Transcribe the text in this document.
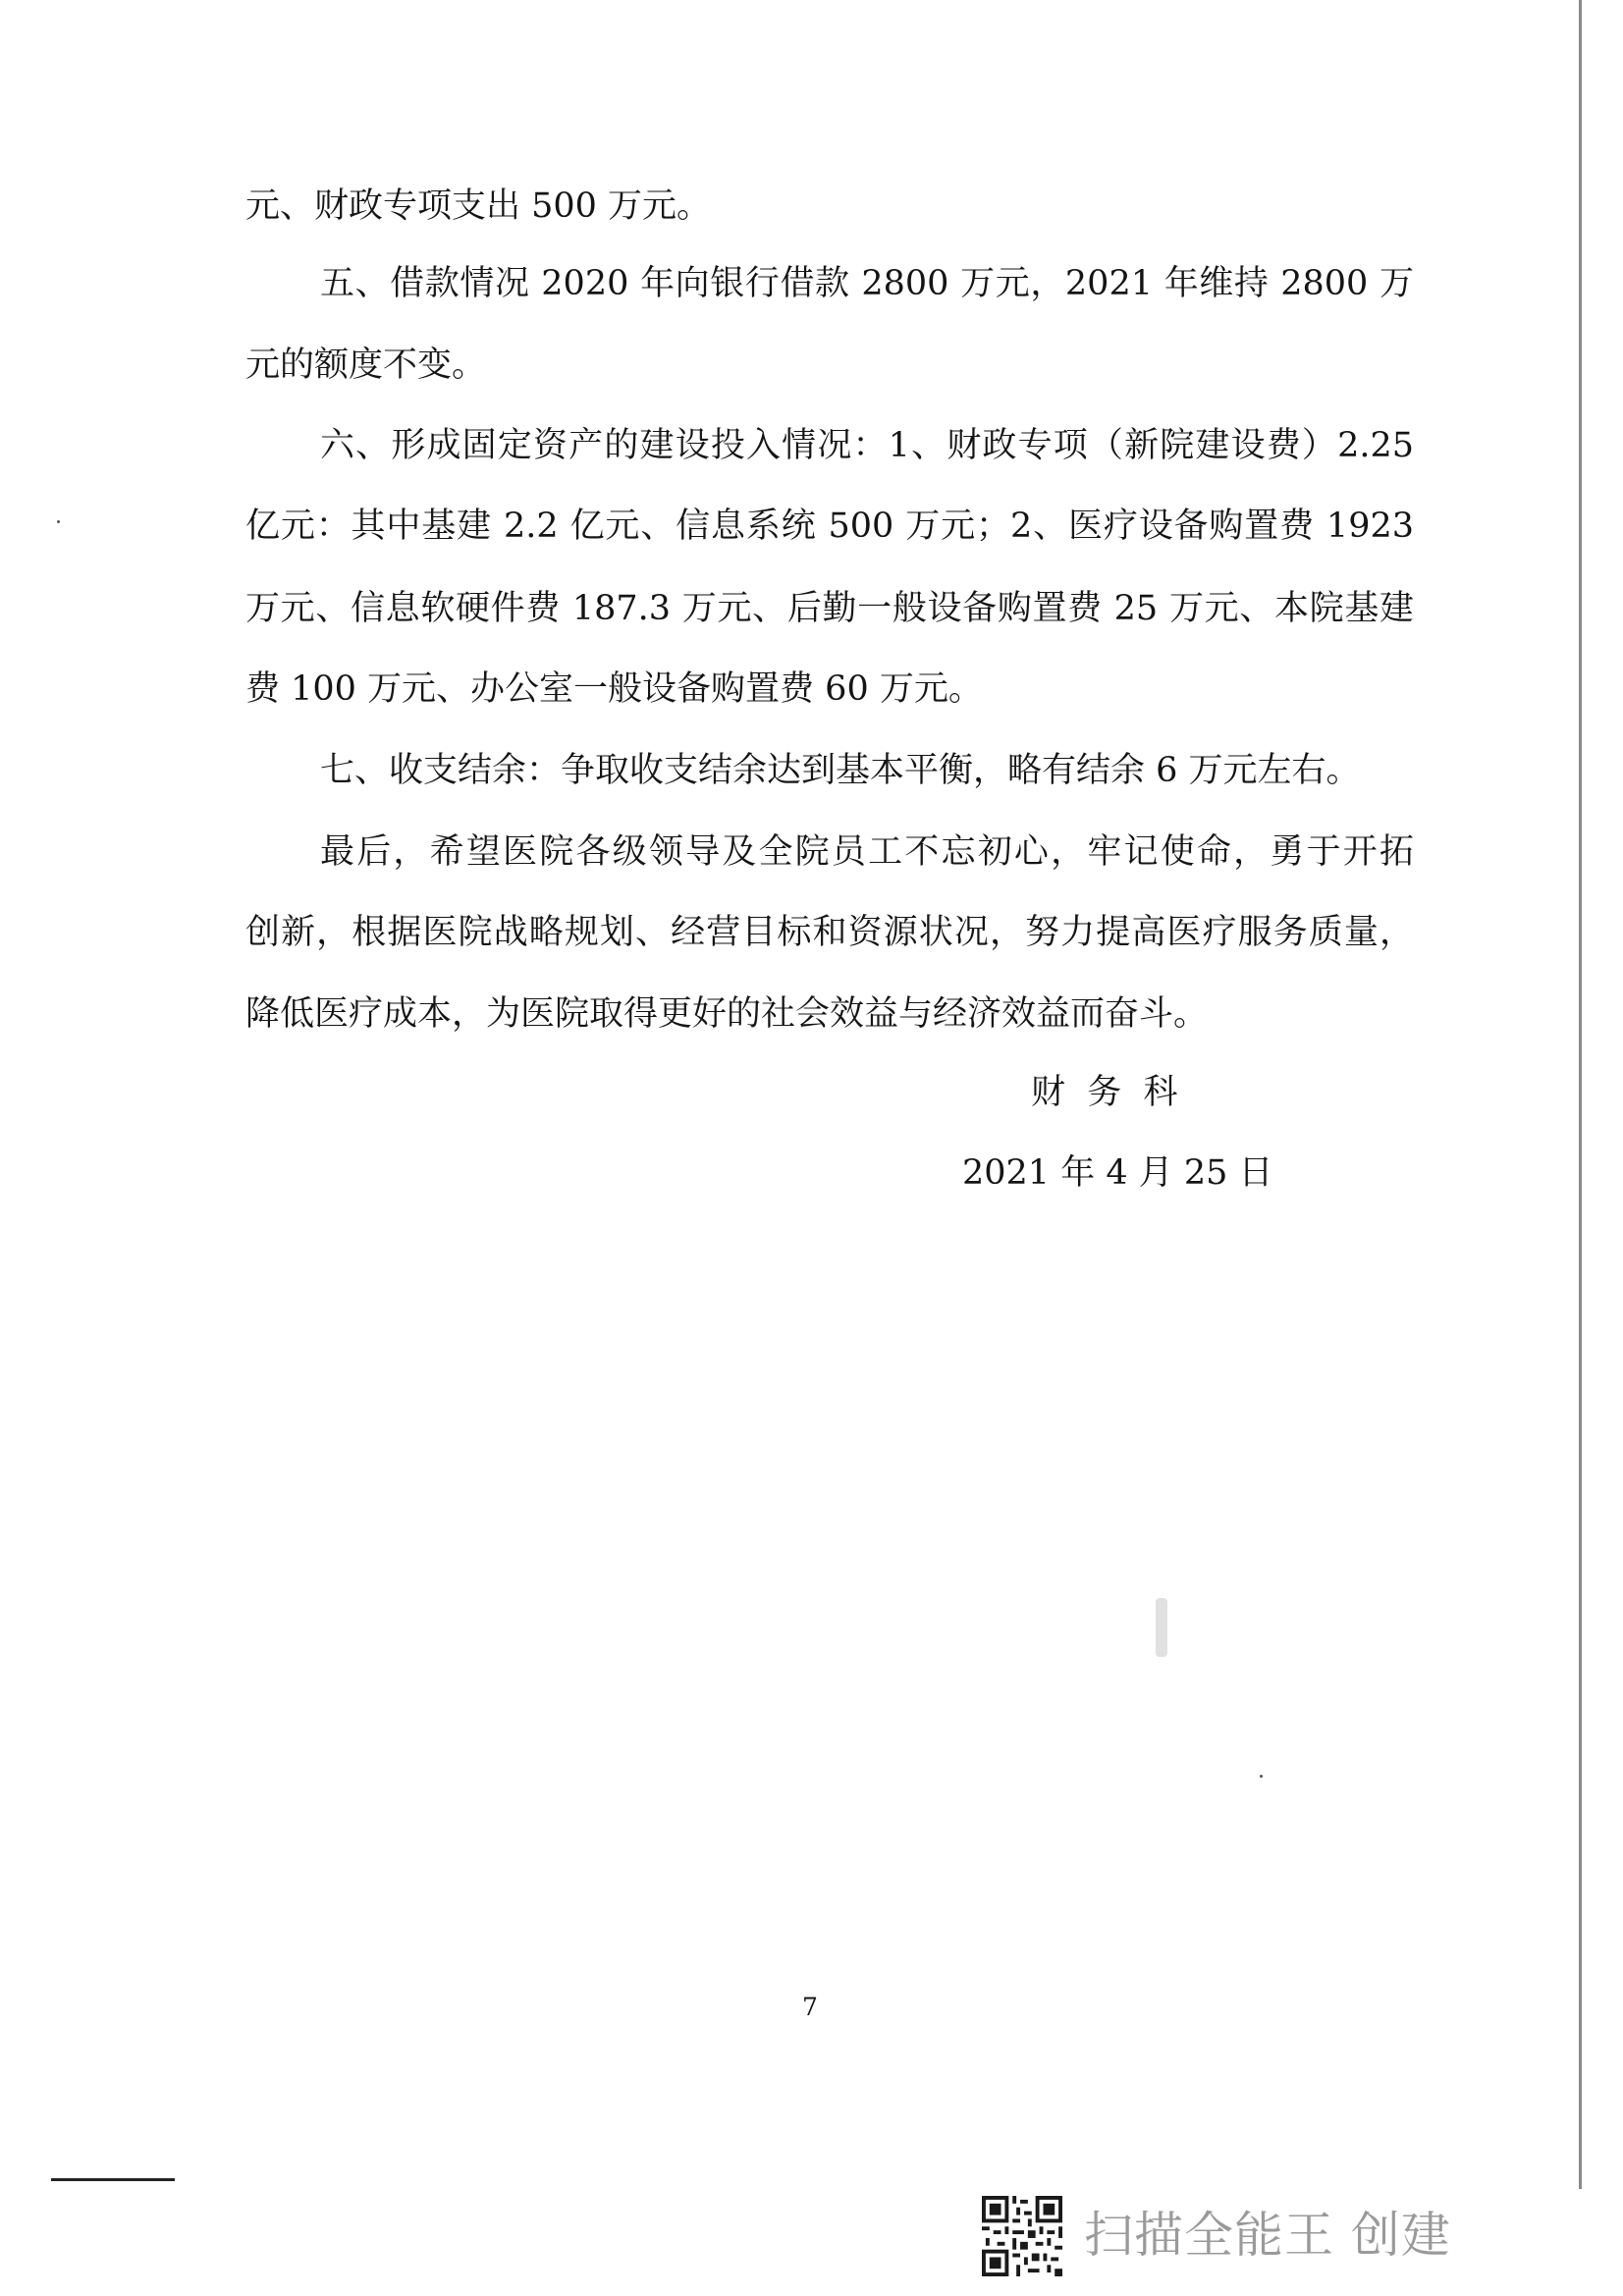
元、财政专项支出 500 万元。
五、借款情况 2020 年向银行借款 2800 万元，2021 年维持 2800 万
元的额度不变。
六、形成固定资产的建设投入情况：1、财政专项（新院建设费）2.25
亿元：其中基建 2.2 亿元、信息系统 500 万元；2、医疗设备购置费 1923
万元、信息软硬件费 187.3 万元、后勤一般设备购置费 25 万元、本院基建
费 100 万元、办公室一般设备购置费 60 万元。
七、收支结余：争取收支结余达到基本平衡，略有结余 6 万元左右。
最后，希望医院各级领导及全院员工不忘初心，牢记使命，勇于开拓
创新，根据医院战略规划、经营目标和资源状况，努力提高医疗服务质量，
降低医疗成本，为医院取得更好的社会效益与经济效益而奋斗。
财  务  科
2021 年 4 月 25 日
7
扫描全能王 创建
